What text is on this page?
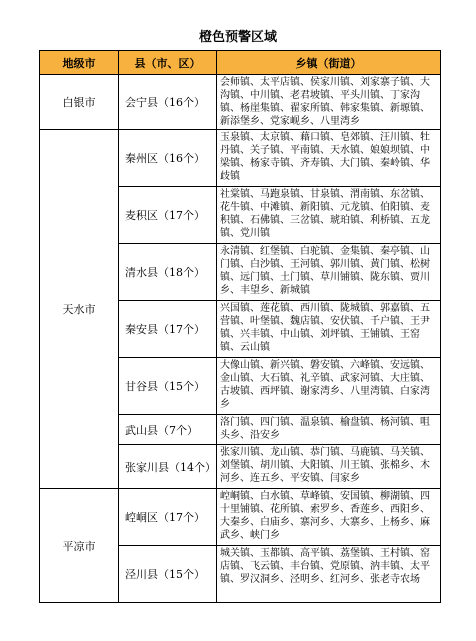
橙色预警区域
地级市	县（市、区）	乡镇（街道）
白银市	会宁县（16个）	会师镇、太平店镇、侯家川镇、刘家寨子镇、大沟镇、中川镇、老君坡镇、平头川镇、丁家沟镇、杨崖集镇、翟家所镇、韩家集镇、新塬镇、新添堡乡、党家岘乡、八里湾乡
天水市	秦州区（16个）	玉泉镇、太京镇、藉口镇、皂郊镇、汪川镇、牡丹镇、关子镇、平南镇、天水镇、娘娘坝镇、中梁镇、杨家寺镇、齐寿镇、大门镇、秦岭镇、华歧镇
	麦积区（17个）	社棠镇、马跑泉镇、甘泉镇、渭南镇、东岔镇、花牛镇、中滩镇、新阳镇、元龙镇、伯阳镇、麦积镇、石佛镇、三岔镇、琥珀镇、利桥镇、五龙镇、党川镇
	清水县（18个）	永清镇、红堡镇、白驼镇、金集镇、秦亭镇、山门镇、白沙镇、王河镇、郭川镇、黄门镇、松树镇、远门镇、土门镇、草川铺镇、陇东镇、贾川乡、丰望乡、新城镇
	秦安县（17个）	兴国镇、莲花镇、西川镇、陇城镇、郭嘉镇、五营镇、叶堡镇、魏店镇、安伏镇、千户镇、王尹镇、兴丰镇、中山镇、刘坪镇、王铺镇、王窑镇、云山镇
	甘谷县（15个）	大像山镇、新兴镇、磐安镇、六峰镇、安远镇、金山镇、大石镇、礼辛镇、武家河镇、大庄镇、古坡镇、西坪镇、谢家湾乡、八里湾镇、白家湾乡
	武山县（7个）	洛门镇、四门镇、温泉镇、榆盘镇、杨河镇、咀头乡、沿安乡
	张家川县（14个）	张家川镇、龙山镇、恭门镇、马鹿镇、马关镇、刘堡镇、胡川镇、大阳镇、川王镇、张棉乡、木河乡、连五乡、平安镇、闫家乡
平凉市	崆峒区（17个）	崆峒镇、白水镇、草峰镇、安国镇、柳湖镇、四十里铺镇、花所镇、索罗乡、香莲乡、西阳乡、大秦乡、白庙乡、寨河乡、大寨乡、上杨乡、麻武乡、峡门乡
	泾川县（15个）	城关镇、玉都镇、高平镇、荔堡镇、王村镇、窑店镇、飞云镇、丰台镇、党原镇、汭丰镇、太平镇、罗汉洞乡、泾明乡、红河乡、张老寺农场
